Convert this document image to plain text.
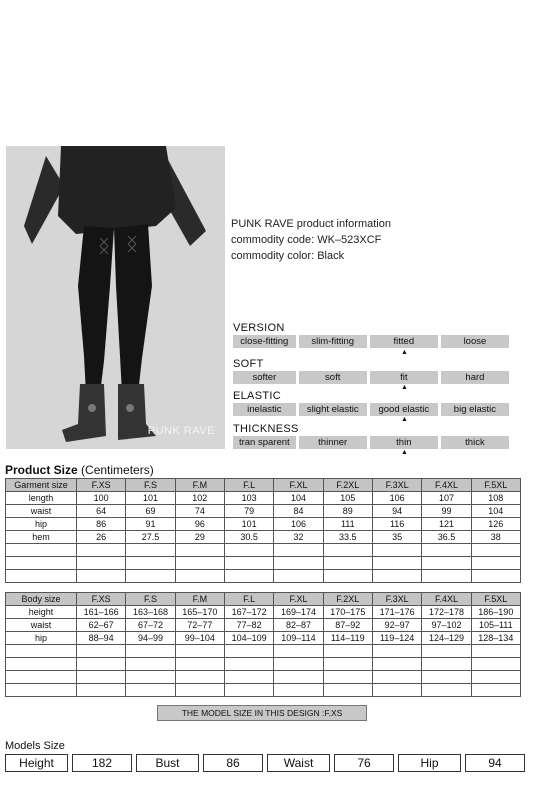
PUNK RAVE
PUNK RAVE product information
commodity code: WK–523XCF
commodity color: Black
VERSION
close-fitting	slim-fitting	fitted	loose
▲
SOFT
softer	soft	fit	hard
▲
ELASTIC
inelastic	slight elastic	good elastic	big elastic
▲
THICKNESS
tran sparent	thinner	thin	thick
▲
Product Size (Centimeters)
Garment size	F.XS	F.S	F.M	F.L	F.XL	F.2XL	F.3XL	F.4XL	F.5XL
length	100	101	102	103	104	105	106	107	108
waist	64	69	74	79	84	89	94	99	104
hip	86	91	96	101	106	111	116	121	126
hem	26	27.5	29	30.5	32	33.5	35	36.5	38

Body size	F.XS	F.S	F.M	F.L	F.XL	F.2XL	F.3XL	F.4XL	F.5XL
height	161–166	163–168	165–170	167–172	169–174	170–175	171–176	172–178	186–190
waist	62–67	67–72	72–77	77–82	82–87	87–92	92–97	97–102	105–111
hip	88–94	94–99	99–104	104–109	109–114	114–119	119–124	124–129	128–134

THE MODEL SIZE IN THIS DESIGN :F.XS
Models Size
Height	182	Bust	86	Waist	76	Hip	94
